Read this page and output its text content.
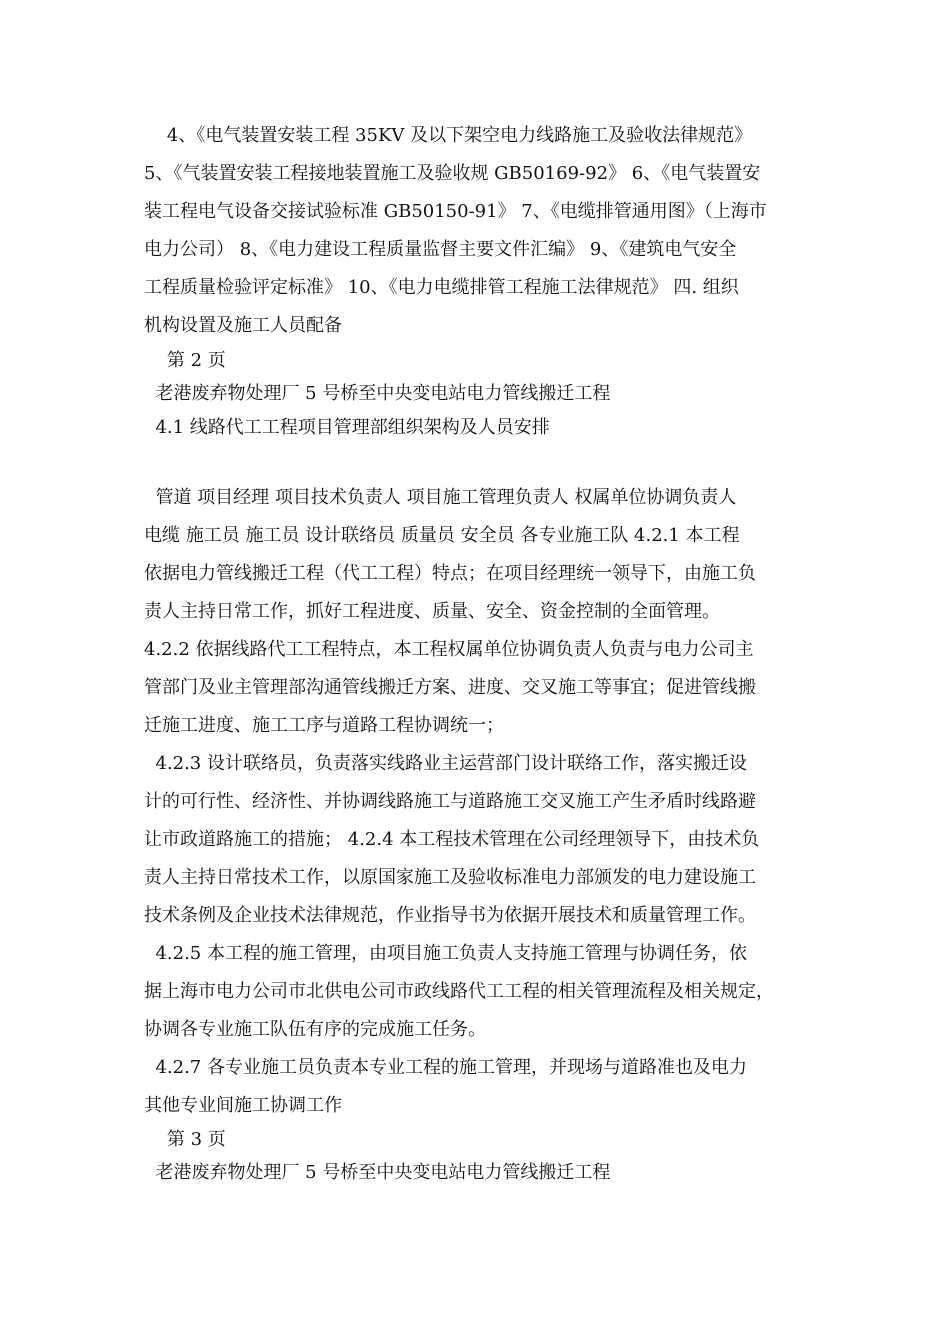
4、《电气装置安装工程 35KV 及以下架空电力线路施工及验收法律规范》
5、《气装置安装工程接地装置施工及验收规 GB50169-92》 6、《电气装置安
装工程电气设备交接试验标准 GB50150-91》 7、《电缆排管通用图》（上海市
电力公司） 8、《电力建设工程质量监督主要文件汇编》 9、《建筑电气安全
工程质量检验评定标准》 10、《电力电缆排管工程施工法律规范》 四. 组织
机构设置及施工人员配备
第 2 页
老港废弃物处理厂 5 号桥至中央变电站电力管线搬迁工程
4.1 线路代工工程项目管理部组织架构及人员安排
管道 项目经理 项目技术负责人 项目施工管理负责人 权属单位协调负责人
电缆 施工员 施工员 设计联络员 质量员 安全员 各专业施工队 4.2.1 本工程
依据电力管线搬迁工程（代工工程）特点；在项目经理统一领导下，由施工负
责人主持日常工作，抓好工程进度、质量、安全、资金控制的全面管理。
4.2.2 依据线路代工工程特点，本工程权属单位协调负责人负责与电力公司主
管部门及业主管理部沟通管线搬迁方案、进度、交叉施工等事宜；促进管线搬
迁施工进度、施工工序与道路工程协调统一；
4.2.3 设计联络员，负责落实线路业主运营部门设计联络工作，落实搬迁设
计的可行性、经济性、并协调线路施工与道路施工交叉施工产生矛盾时线路避
让市政道路施工的措施； 4.2.4 本工程技术管理在公司经理领导下，由技术负
责人主持日常技术工作，以原国家施工及验收标准电力部颁发的电力建设施工
技术条例及企业技术法律规范，作业指导书为依据开展技术和质量管理工作。
4.2.5 本工程的施工管理，由项目施工负责人支持施工管理与协调任务，依
据上海市电力公司市北供电公司市政线路代工工程的相关管理流程及相关规定，
协调各专业施工队伍有序的完成施工任务。
4.2.7 各专业施工员负责本专业工程的施工管理，并现场与道路准也及电力
其他专业间施工协调工作
第 3 页
老港废弃物处理厂 5 号桥至中央变电站电力管线搬迁工程
